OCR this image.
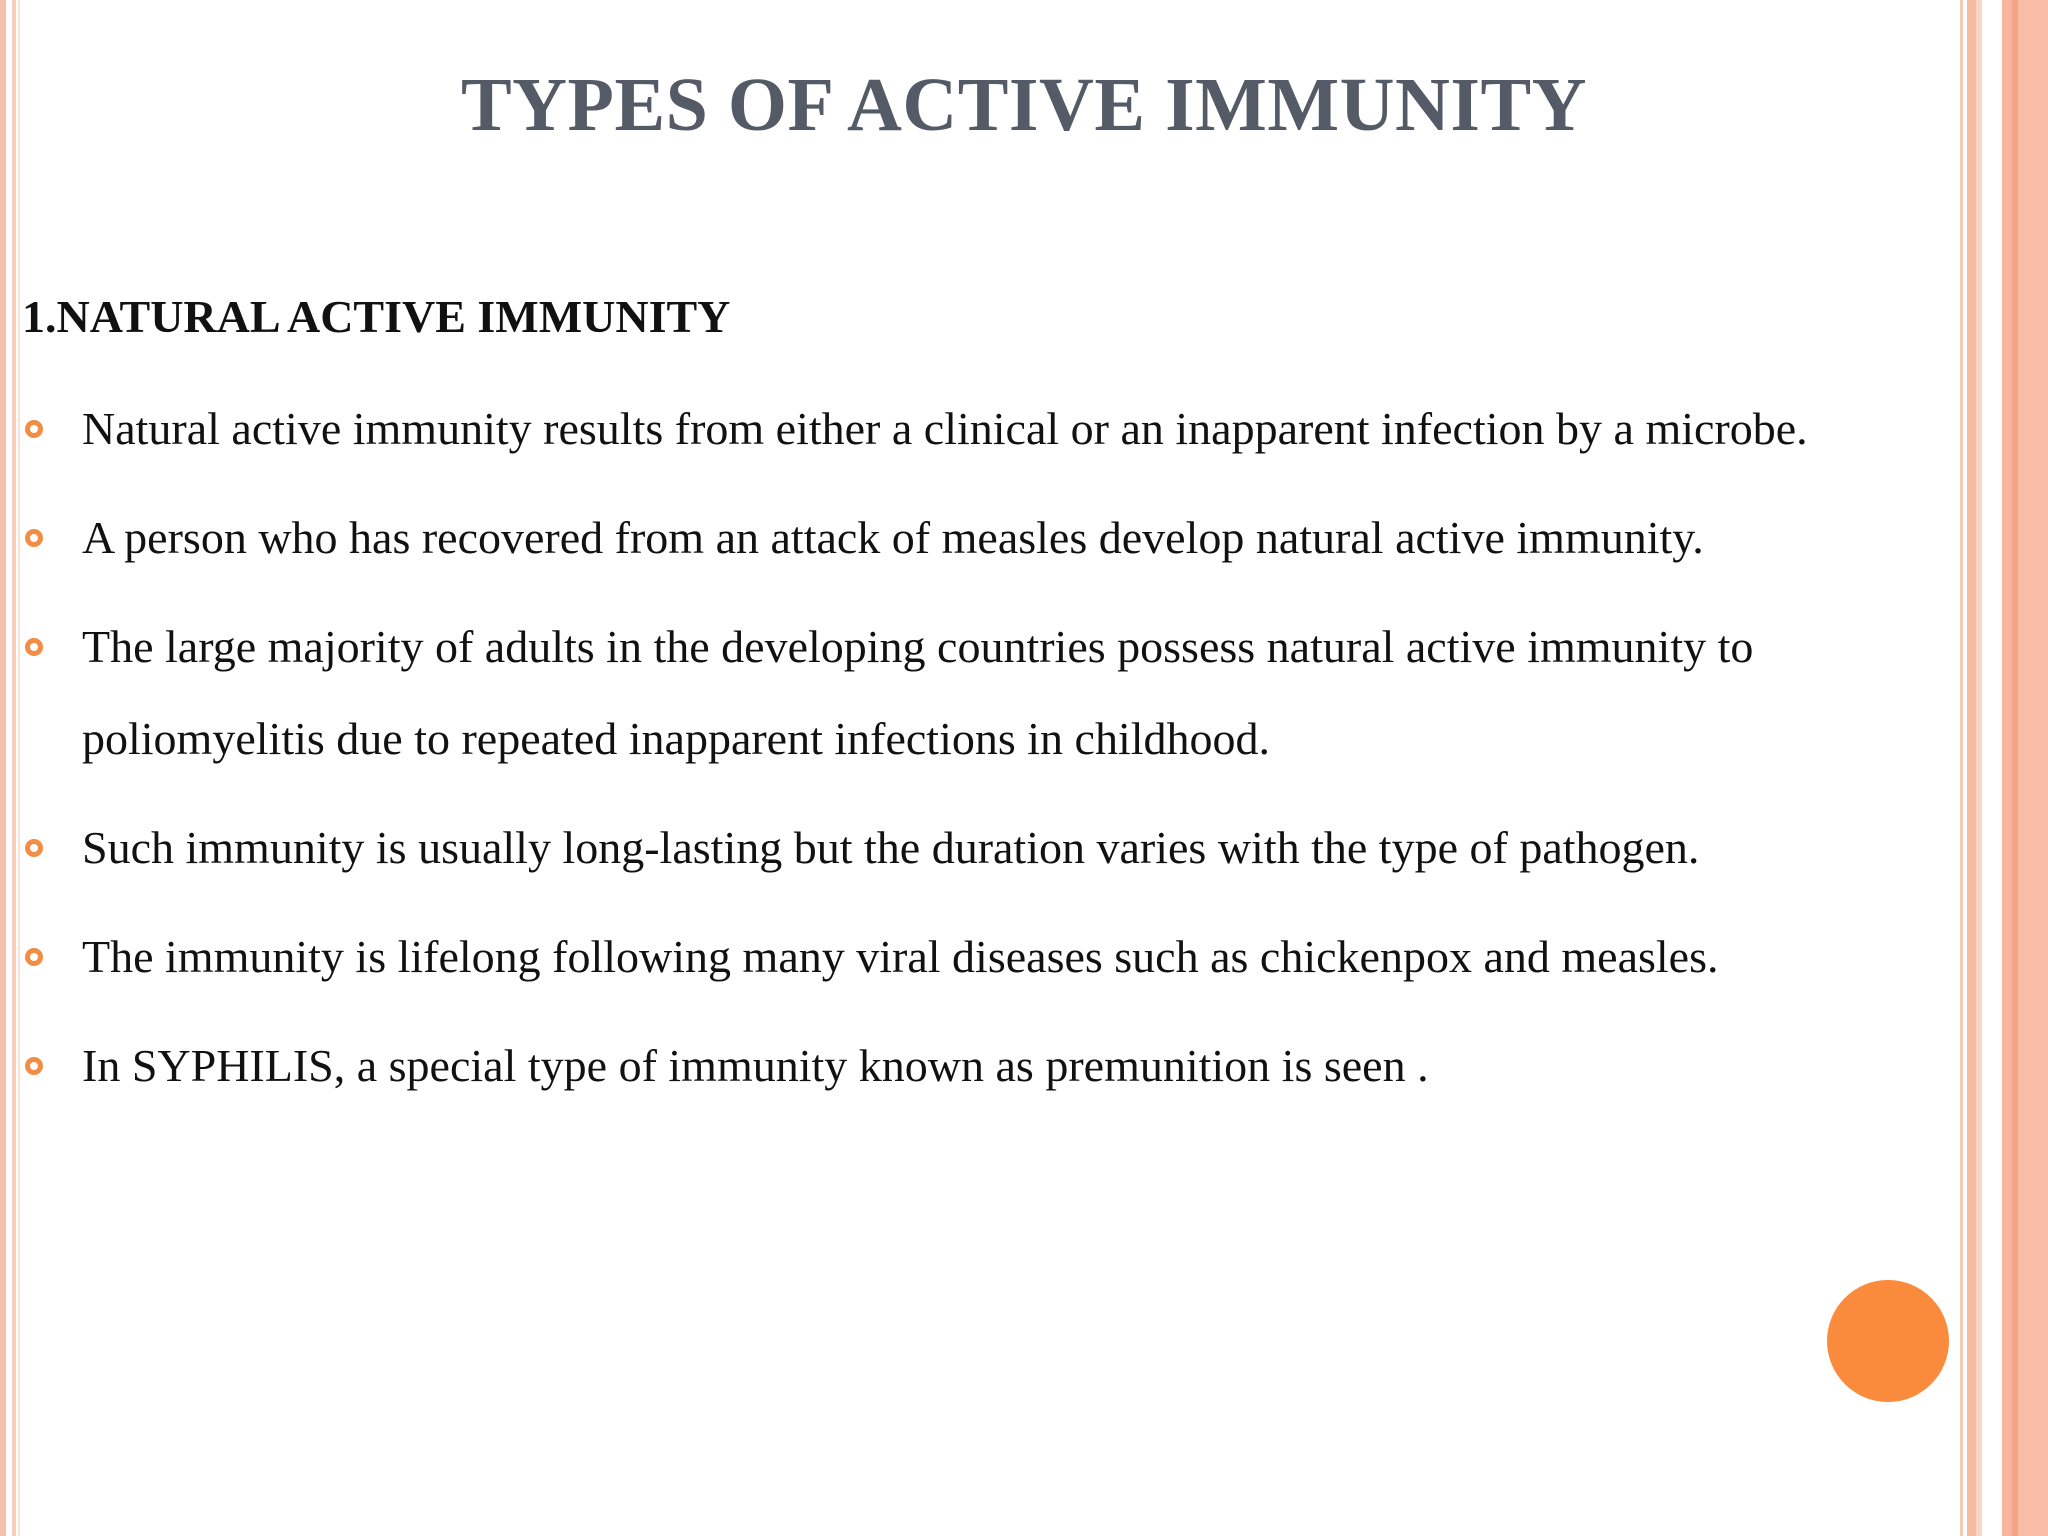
TYPES OF ACTIVE IMMUNITY
1.NATURAL ACTIVE IMMUNITY
Natural active immunity results from either a clinical or an inapparent infection by a microbe.
A person who has recovered from an attack of measles develop natural active immunity.
The large majority of adults in the developing countries possess natural active immunity to poliomyelitis due to repeated inapparent infections in childhood.
Such immunity is usually long-lasting but the duration varies with the type of pathogen.
The immunity is lifelong following many viral diseases such as chickenpox and measles.
In SYPHILIS, a special type of immunity known as premunition is seen .
